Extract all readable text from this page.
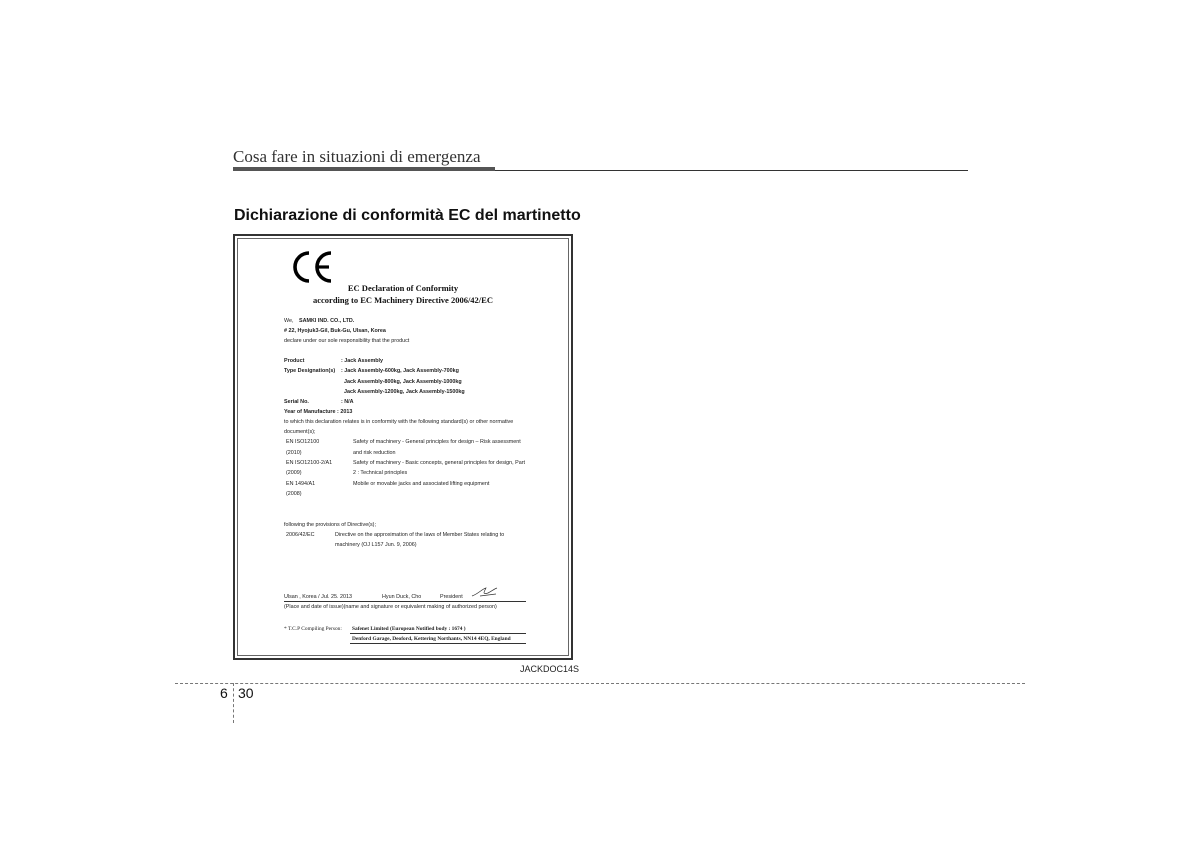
Cosa fare in situazioni di emergenza
Dichiarazione di conformità EC del martinetto
EC Declaration of Conformity
according to EC Machinery Directive 2006/42/EC
We, SAMKI IND. CO., LTD.
# 22, Hyojuk3-Gil, Buk-Gu, Ulsan, Korea
declare under our sole responsibility that the product
Product	: Jack Assembly
Type Designation(s) : Jack Assembly-600kg, Jack Assembly-700kg
Jack Assembly-800kg, Jack Assembly-1000kg
Jack Assembly-1200kg, Jack Assembly-1500kg
Serial No.	: N/A
Year of Manufacture : 2013
to which this declaration relates is in conformity with the following standard(s) or other normative
document(s);
EN ISO12100	Safety of machinery - General principles for design – Risk assessment
(2010)	and risk reduction
EN ISO12100-2/A1	Safety of machinery - Basic concepts, general principles for design, Part
(2009)	2 : Technical principles
EN 1494/A1	Mobile or movable jacks and associated lifting equipment
(2008)
following the provisions of Directive(s);
2006/42/EC	Directive on the approximation of the laws of Member States relating to
machinery (OJ L157 Jun. 9, 2006)
Ulsan , Korea / Jul. 25. 2013	Hyun Duck, Cho	President
(Place and date of issue)(name and signature or equivalent making of authorized person)
* T.C.P Compiling Person: Safenet Limited (European Notified body : 1674 )
Denford Garage, Deoford, Kettering Northants, NN14 4EQ, England
JACKDOC14S
6 30
